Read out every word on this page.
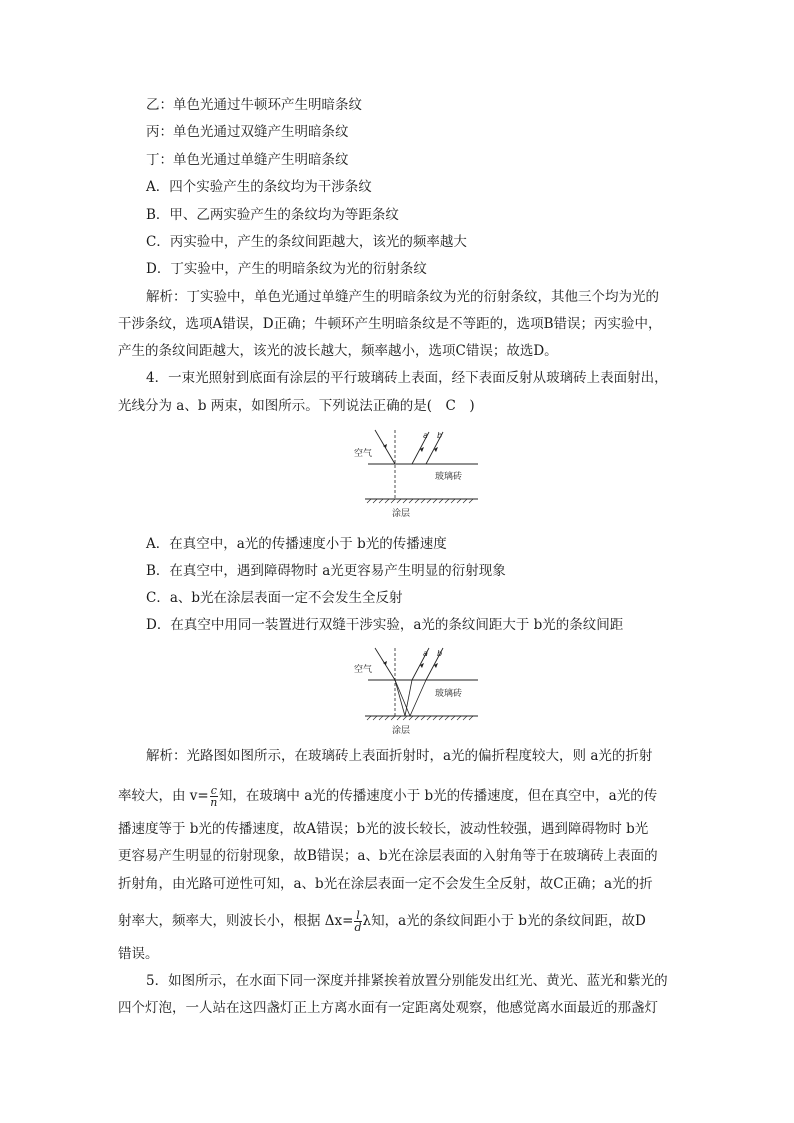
乙：单色光通过牛顿环产生明暗条纹
丙：单色光通过双缝产生明暗条纹
丁：单色光通过单缝产生明暗条纹
A．四个实验产生的条纹均为干涉条纹
B．甲、乙两实验产生的条纹均为等距条纹
C．丙实验中，产生的条纹间距越大，该光的频率越大
D．丁实验中，产生的明暗条纹为光的衍射条纹
解析：丁实验中，单色光通过单缝产生的明暗条纹为光的衍射条纹，其他三个均为光的
干涉条纹，选项A错误，D正确；牛顿环产生明暗条纹是不等距的，选项B错误；丙实验中，
产生的条纹间距越大，该光的波长越大，频率越小，选项C错误；故选D。
4．一束光照射到底面有涂层的平行玻璃砖上表面，经下表面反射从玻璃砖上表面射出，
光线分为 a、b 两束，如图所示。下列说法正确的是(　C　)
a b
空气
玻璃砖
涂层
A．在真空中，a光的传播速度小于 b光的传播速度
B．在真空中，遇到障碍物时 a光更容易产生明显的衍射现象
C．a、b光在涂层表面一定不会发生全反射
D．在真空中用同一装置进行双缝干涉实验，a光的条纹间距大于 b光的条纹间距
a b
空气
玻璃砖
涂层
解析：光路图如图所示，在玻璃砖上表面折射时，a光的偏折程度较大，则 a光的折射
率较大，由 $v= \frac{c}{n}$ 知，在玻璃中 a光的传播速度小于 b光的传播速度，但在真空中，a光的传
播速度等于 b光的传播速度，故A错误；b光的波长较长，波动性较强，遇到障碍物时 b光
更容易产生明显的衍射现象，故B错误；a、b光在涂层表面的入射角等于在玻璃砖上表面的
折射角，由光路可逆性可知，a、b光在涂层表面一定不会发生全反射，故C正确；a光的折
射率大，频率大，则波长小，根据 $\Delta x= \frac{l}{d}$ λ知，a光的条纹间距小于 b光的条纹间距，故D
错误。
5．如图所示，在水面下同一深度并排紧挨着放置分别能发出红光、黄光、蓝光和紫光的
四个灯泡，一人站在这四盏灯正上方离水面有一定距离处观察，他感觉离水面最近的那盏灯
